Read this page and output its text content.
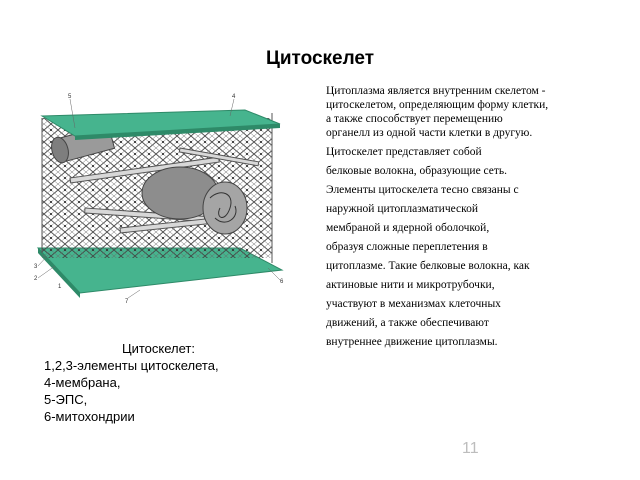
Цитоскелет
5	4
3
2
1
6
7
Цитоскелет:
1,2,3-элементы цитоскелета,
4-мембрана,
5-ЭПС,
6-митохондрии
Цитоплазма является внутренним скелетом -
цитоскелетом, определяющим форму клетки,
а также способствует перемещению
органелл из одной части клетки в другую.
Цитоскелет представляет собой
белковые волокна, образующие сеть.
Элементы цитоскелета тесно связаны с
наружной цитоплазматической
мембраной и ядерной оболочкой,
образуя сложные переплетения в
цитоплазме. Такие белковые волокна, как
актиновые нити и микротрубочки,
участвуют в механизмах клеточных
движений, а также обеспечивают
внутреннее движение цитоплазмы.
11
